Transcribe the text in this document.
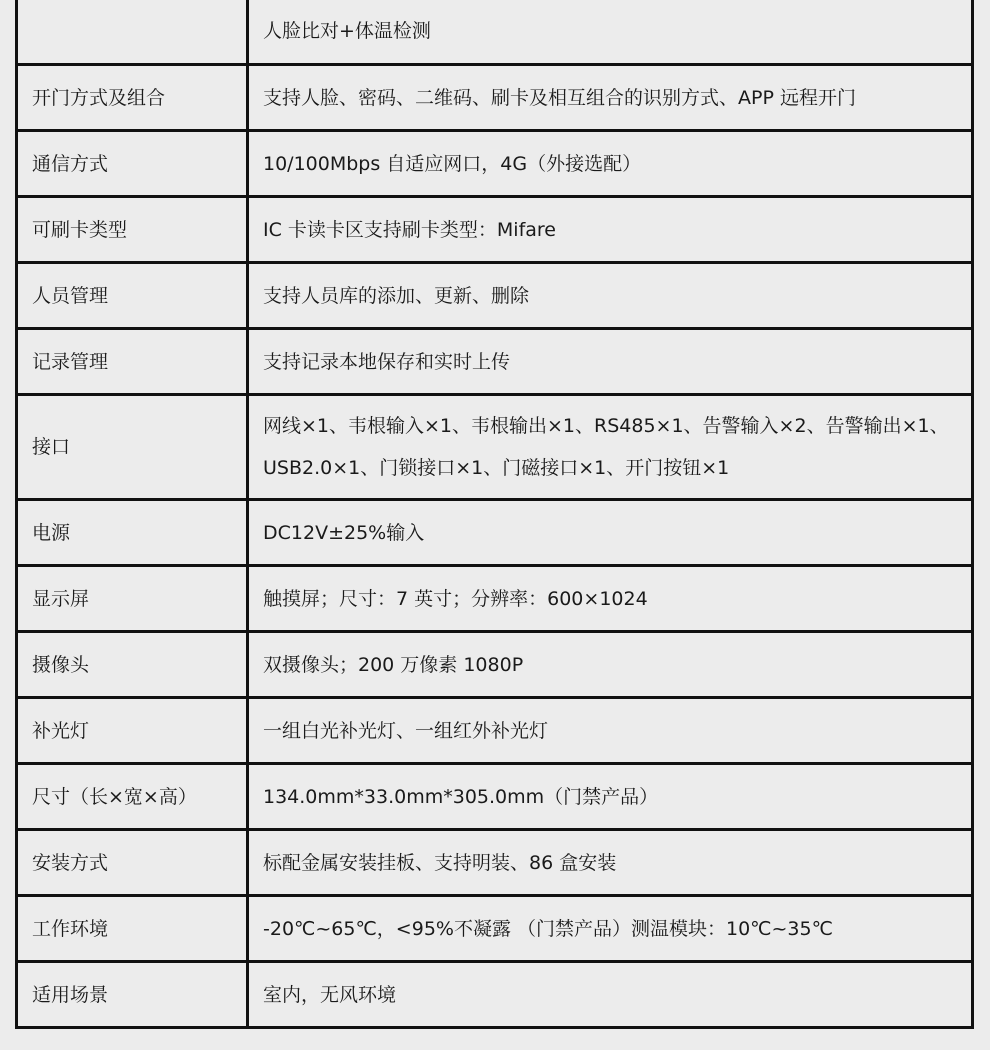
	人脸比对+体温检测
开门方式及组合	支持人脸、密码、二维码、刷卡及相互组合的识别方式、APP 远程开门
通信方式	10/100Mbps 自适应网口，4G（外接选配）
可刷卡类型	IC 卡读卡区支持刷卡类型：Mifare
人员管理	支持人员库的添加、更新、删除
记录管理	支持记录本地保存和实时上传
接口	网线×1、韦根输入×1、韦根输出×1、RS485×1、告警输入×2、告警输出×1、USB2.0×1、门锁接口×1、门磁接口×1、开门按钮×1
电源	DC12V±25%输入
显示屏	触摸屏；尺寸：7 英寸；分辨率：600×1024
摄像头	双摄像头；200 万像素 1080P
补光灯	一组白光补光灯、一组红外补光灯
尺寸（长×宽×高）	134.0mm*33.0mm*305.0mm（门禁产品）
安装方式	标配金属安装挂板、支持明装、86 盒安装
工作环境	-20℃~65℃，<95%不凝露 （门禁产品）测温模块：10℃~35℃
适用场景	室内，无风环境
